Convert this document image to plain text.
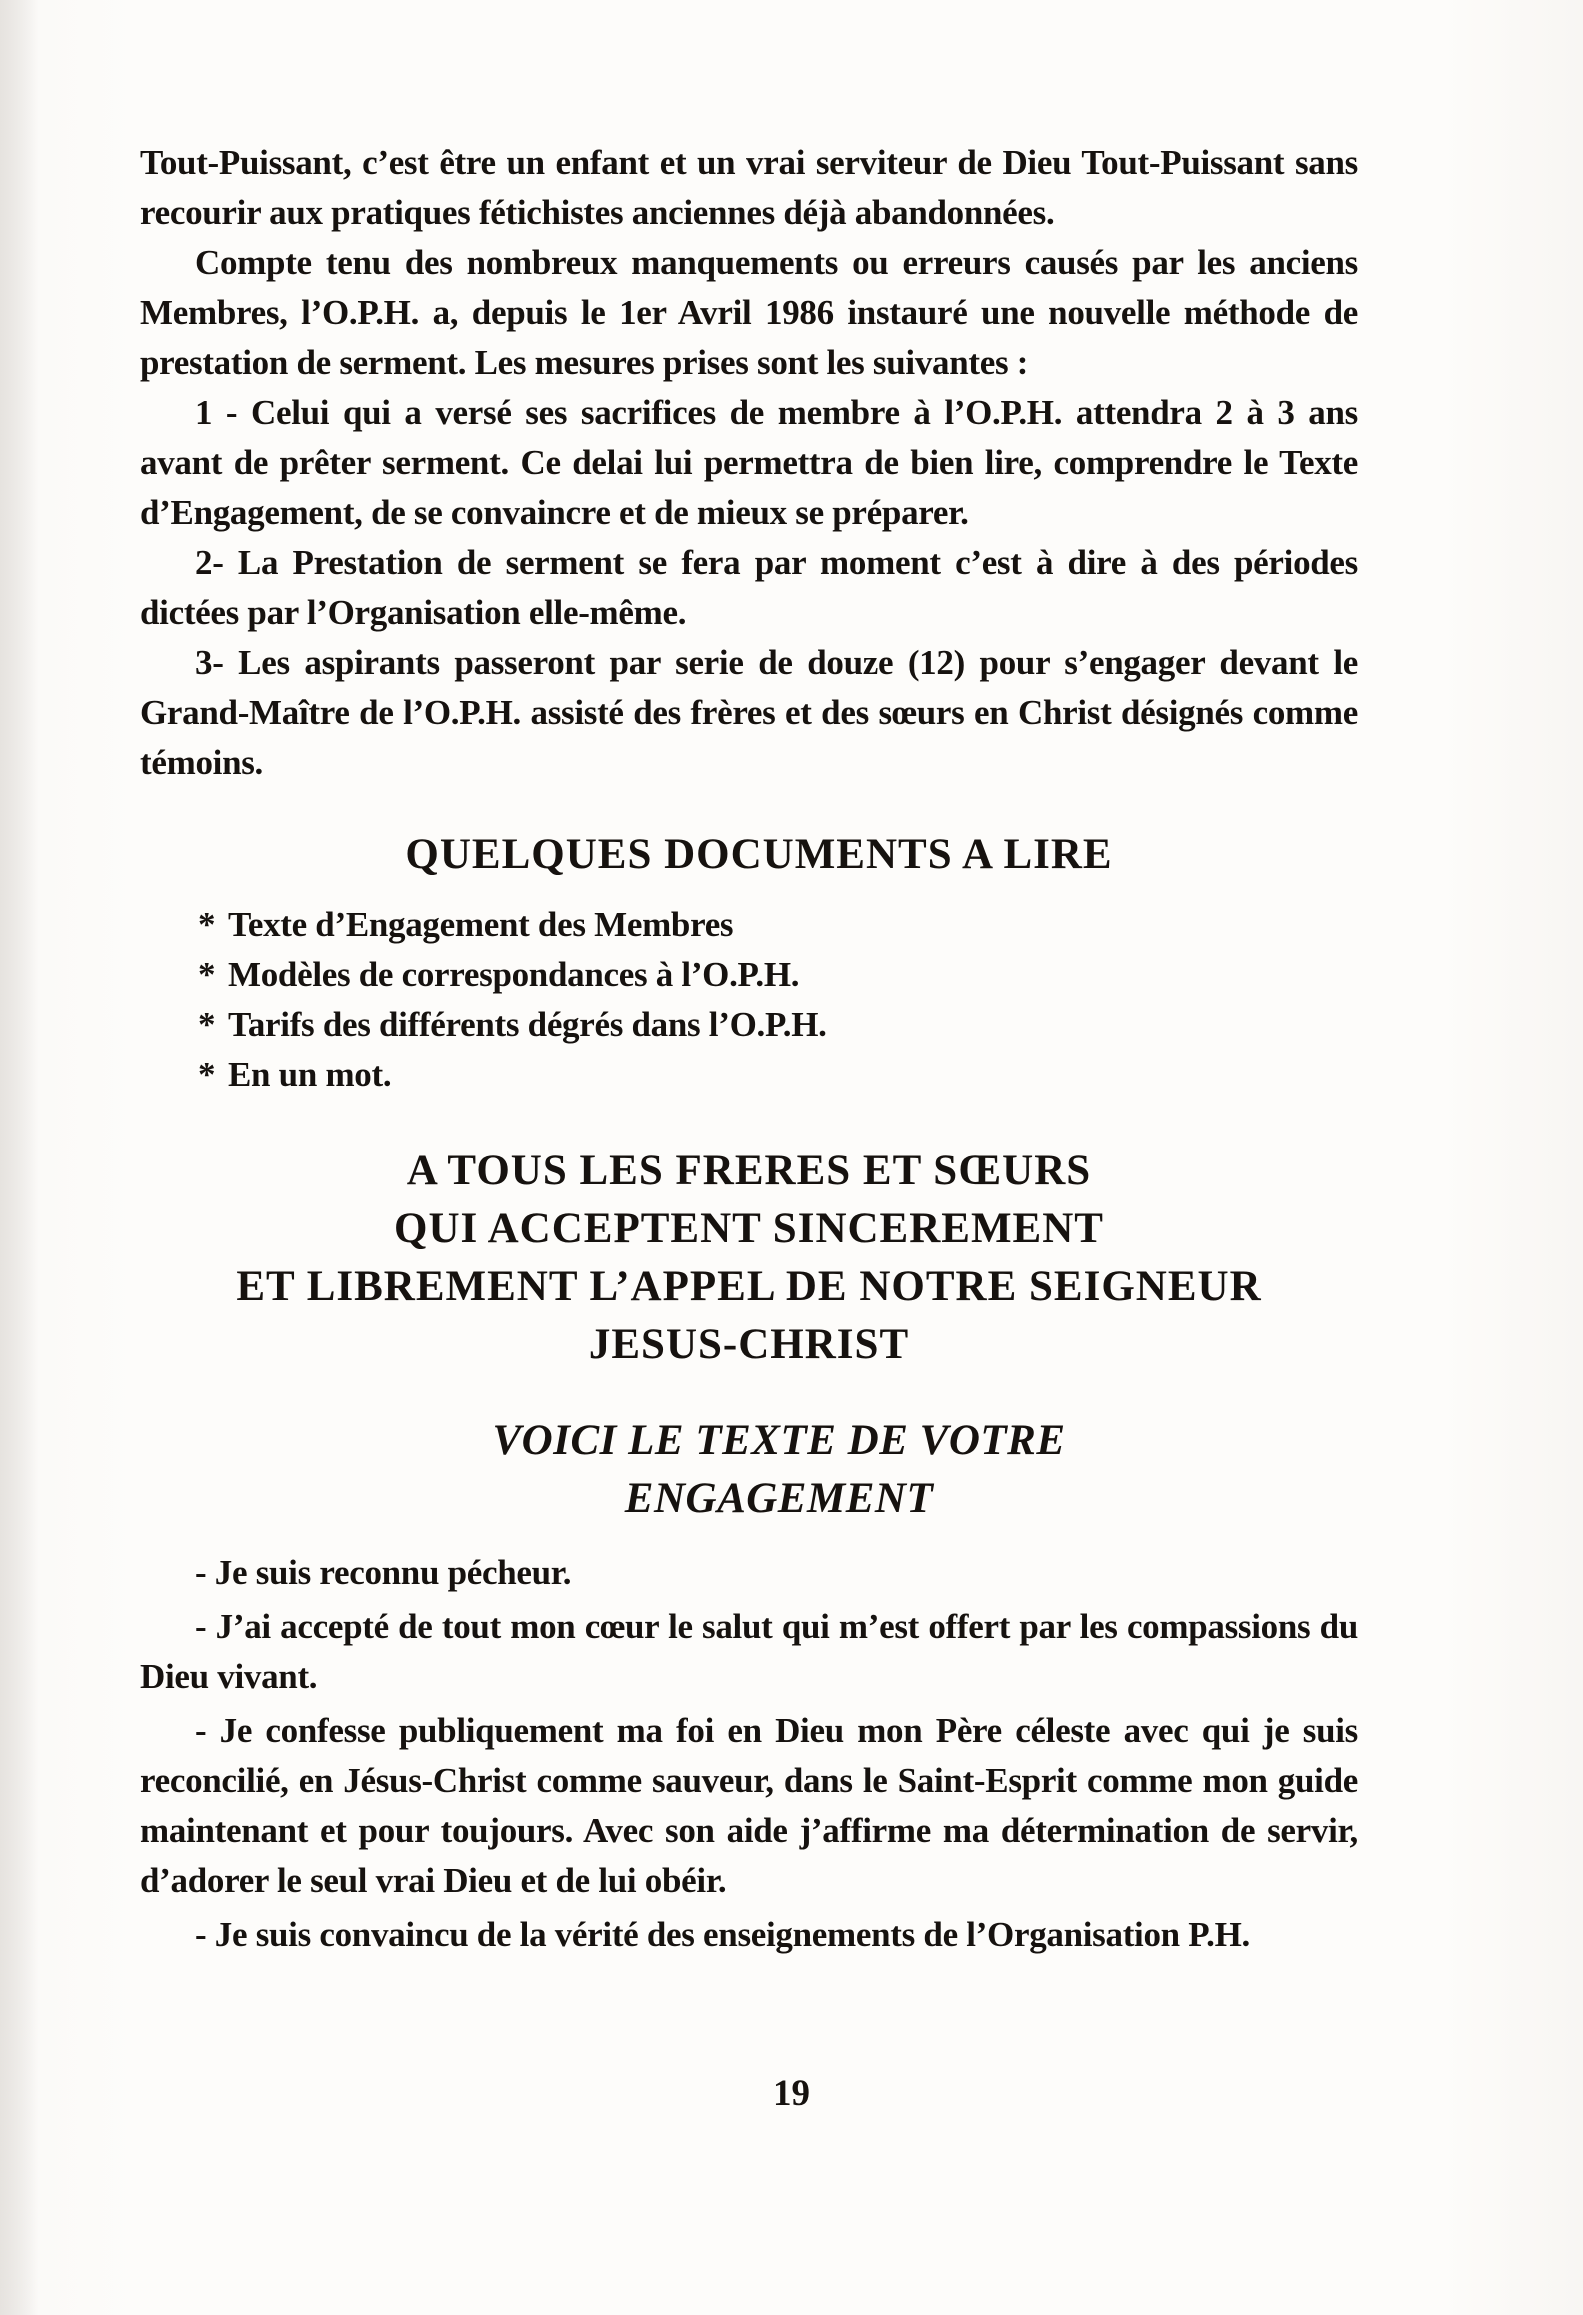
Tout-Puissant, c’est être un enfant et un vrai serviteur de Dieu Tout-Puissant sans recourir aux pratiques fétichistes anciennes déjà abandonnées.

Compte tenu des nombreux manquements ou erreurs causés par les anciens Membres, l’O.P.H. a, depuis le 1er Avril 1986 instauré une nouvelle méthode de prestation de serment. Les mesures prises sont les suivantes :

1 - Celui qui a versé ses sacrifices de membre à l’O.P.H. attendra 2 à 3 ans avant de prêter serment. Ce delai lui permettra de bien lire, comprendre le Texte d’Engagement, de se convaincre et de mieux se préparer.

2- La Prestation de serment se fera par moment c’est à dire à des périodes dictées par l’Organisation elle-même.

3- Les aspirants passeront par serie de douze (12) pour s’engager devant le Grand-Maître de l’O.P.H. assisté des frères et des sœurs en Christ désignés comme témoins.

QUELQUES DOCUMENTS A LIRE
* Texte d’Engagement des Membres
* Modèles de correspondances à l’O.P.H.
* Tarifs des différents dégrés dans l’O.P.H.
* En un mot.
A TOUS LES FRERES ET SŒURS
QUI ACCEPTENT SINCEREMENT
ET LIBREMENT L’APPEL DE NOTRE SEIGNEUR
JESUS-CHRIST
VOICI LE TEXTE DE VOTRE
ENGAGEMENT

- Je suis reconnu pécheur.

- J’ai accepté de tout mon cœur le salut qui m’est offert par les compassions du Dieu vivant.

- Je confesse publiquement ma foi en Dieu mon Père céleste avec qui je suis reconcilié, en Jésus-Christ comme sauveur, dans le Saint-Esprit comme mon guide maintenant et pour toujours. Avec son aide j’affirme ma détermination de servir, d’adorer le seul vrai Dieu et de lui obéir.

- Je suis convaincu de la vérité des enseignements de l’Organisation P.H.

19
